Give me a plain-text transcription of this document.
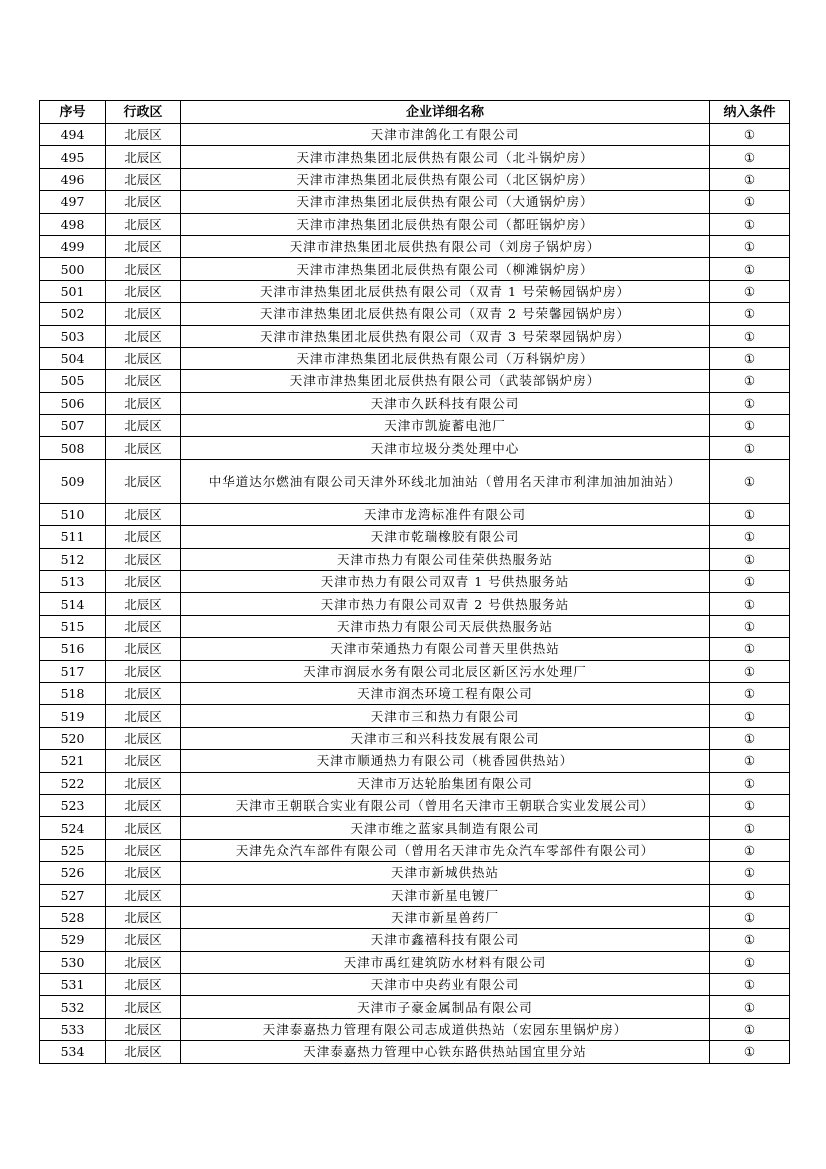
序号	行政区	企业详细名称	纳入条件
494	北辰区	天津市津鸽化工有限公司	①
495	北辰区	天津市津热集团北辰供热有限公司（北斗锅炉房）	①
496	北辰区	天津市津热集团北辰供热有限公司（北区锅炉房）	①
497	北辰区	天津市津热集团北辰供热有限公司（大通锅炉房）	①
498	北辰区	天津市津热集团北辰供热有限公司（都旺锅炉房）	①
499	北辰区	天津市津热集团北辰供热有限公司（刘房子锅炉房）	①
500	北辰区	天津市津热集团北辰供热有限公司（柳滩锅炉房）	①
501	北辰区	天津市津热集团北辰供热有限公司（双青 1 号荣畅园锅炉房）	①
502	北辰区	天津市津热集团北辰供热有限公司（双青 2 号荣馨园锅炉房）	①
503	北辰区	天津市津热集团北辰供热有限公司（双青 3 号荣翠园锅炉房）	①
504	北辰区	天津市津热集团北辰供热有限公司（万科锅炉房）	①
505	北辰区	天津市津热集团北辰供热有限公司（武装部锅炉房）	①
506	北辰区	天津市久跃科技有限公司	①
507	北辰区	天津市凯旋蓄电池厂	①
508	北辰区	天津市垃圾分类处理中心	①
509	北辰区	中华道达尔燃油有限公司天津外环线北加油站（曾用名天津市利津加油加油站）	①
510	北辰区	天津市龙湾标准件有限公司	①
511	北辰区	天津市乾瑞橡胶有限公司	①
512	北辰区	天津市热力有限公司佳荣供热服务站	①
513	北辰区	天津市热力有限公司双青 1 号供热服务站	①
514	北辰区	天津市热力有限公司双青 2 号供热服务站	①
515	北辰区	天津市热力有限公司天辰供热服务站	①
516	北辰区	天津市荣通热力有限公司普天里供热站	①
517	北辰区	天津市润辰水务有限公司北辰区新区污水处理厂	①
518	北辰区	天津市润杰环境工程有限公司	①
519	北辰区	天津市三和热力有限公司	①
520	北辰区	天津市三和兴科技发展有限公司	①
521	北辰区	天津市顺通热力有限公司（桃香园供热站）	①
522	北辰区	天津市万达轮胎集团有限公司	①
523	北辰区	天津市王朝联合实业有限公司（曾用名天津市王朝联合实业发展公司）	①
524	北辰区	天津市维之蓝家具制造有限公司	①
525	北辰区	天津先众汽车部件有限公司（曾用名天津市先众汽车零部件有限公司）	①
526	北辰区	天津市新城供热站	①
527	北辰区	天津市新星电镀厂	①
528	北辰区	天津市新星兽药厂	①
529	北辰区	天津市鑫禧科技有限公司	①
530	北辰区	天津市禹红建筑防水材料有限公司	①
531	北辰区	天津市中央药业有限公司	①
532	北辰区	天津市子豪金属制品有限公司	①
533	北辰区	天津泰嘉热力管理有限公司志成道供热站（宏园东里锅炉房）	①
534	北辰区	天津泰嘉热力管理中心铁东路供热站国宜里分站	①
